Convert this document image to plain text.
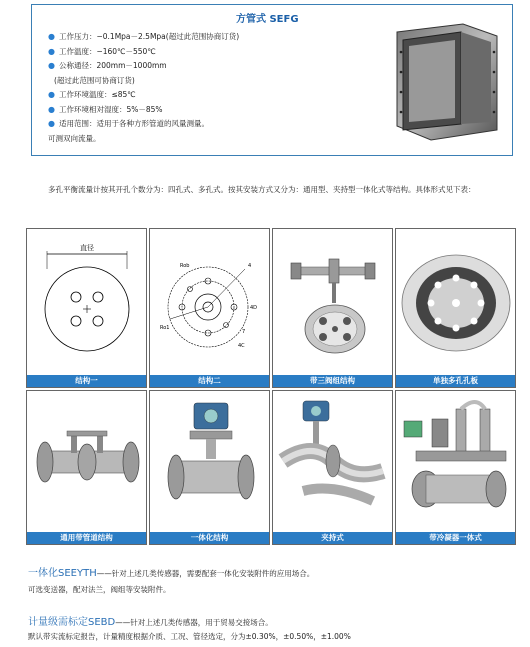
方管式 SEFG
● 工作压力：−0.1Mpa－2.5Mpa(超过此范围协商订货)
● 工作温度：−160℃－550℃
● 公称通径：200mm－1000mm
(超过此范围可协商订货)
● 工作环境温度：≤85℃
● 工作环境相对湿度：5%－85%
● 适用范围：适用于各种方形管道的风量测量。
可测双向流量。
多孔平衡流量计按其开孔个数分为：四孔式、多孔式。按其安装方式又分为：通用型、夹持型一体化式等结构。具体形式见下表：
直径
结构一
Rob
Ro1
4
4C
4D
7
结构二	带三阀组结构	单独多孔孔板
通用带管道结构	一体化结构	夹持式	带冷凝器一体式
一体化SEEYTH——针对上述几类传感器，需要配套一体化安装附件的应用场合。
可选变送器，配对法兰，阀组等安装附件。
计量级需标定SEBD——针对上述几类传感器，用于贸易交接场合。
默认带实流标定报告，计量精度根据介质、工况、管径选定，分为±0.30%，±0.50%，±1.00%
